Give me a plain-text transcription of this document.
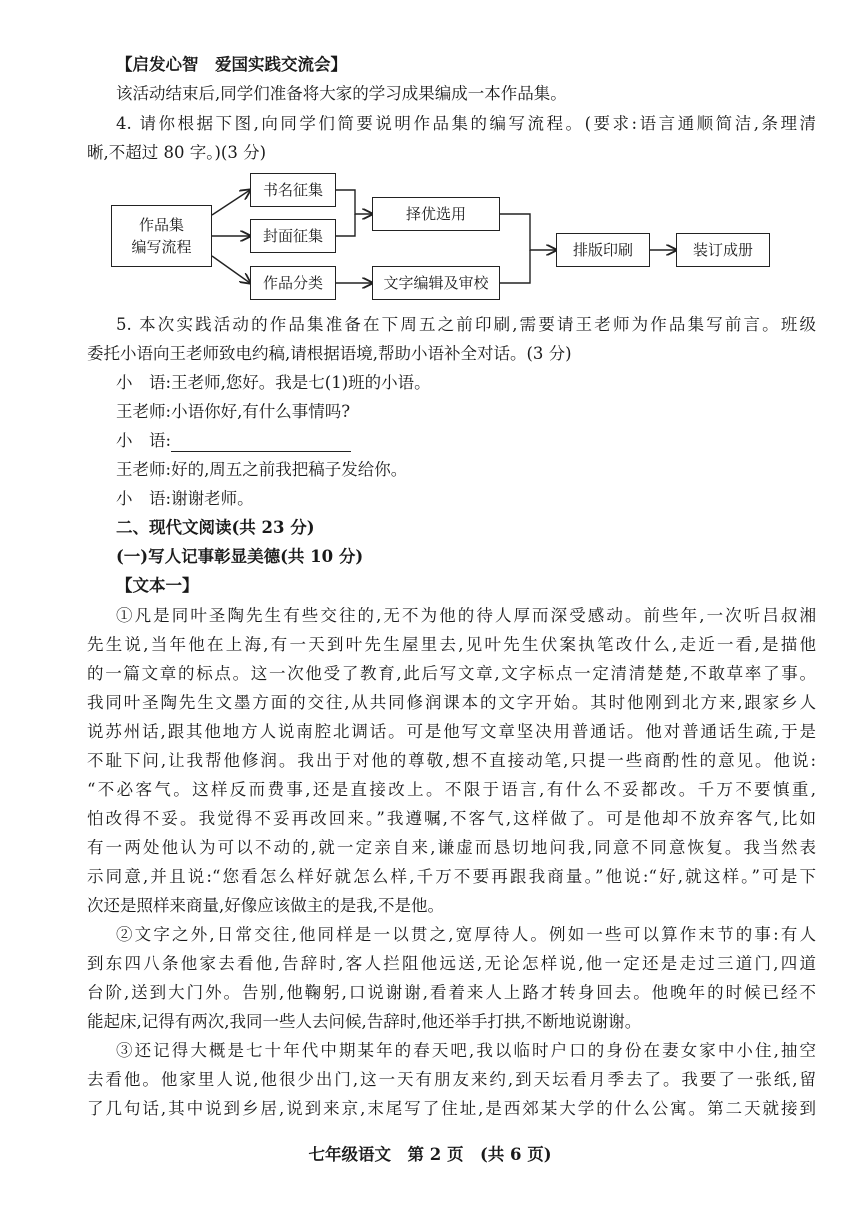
【启发心智　爱国实践交流会】
该活动结束后,同学们准备将大家的学习成果编成一本作品集。
4. 请你根据下图,向同学们简要说明作品集的编写流程。(要求:语言通顺简洁,条理清
晰,不超过 80 字。)(3 分)
作品集
编写流程
书名征集
封面征集
作品分类
择优选用
文字编辑及审校
排版印刷	装订成册
5. 本次实践活动的作品集准备在下周五之前印刷,需要请王老师为作品集写前言。班级
委托小语向王老师致电约稿,请根据语境,帮助小语补全对话。(3 分)
小　语:王老师,您好。我是七(1)班的小语。
王老师:小语你好,有什么事情吗?
小　语:
王老师:好的,周五之前我把稿子发给你。
小　语:谢谢老师。
二、现代文阅读(共 23 分)
(一)写人记事彰显美德(共 10 分)
【文本一】
①凡是同叶圣陶先生有些交往的,无不为他的待人厚而深受感动。前些年,一次听吕叔湘
先生说,当年他在上海,有一天到叶先生屋里去,见叶先生伏案执笔改什么,走近一看,是描他
的一篇文章的标点。这一次他受了教育,此后写文章,文字标点一定清清楚楚,不敢草率了事。
我同叶圣陶先生文墨方面的交往,从共同修润课本的文字开始。其时他刚到北方来,跟家乡人
说苏州话,跟其他地方人说南腔北调话。可是他写文章坚决用普通话。他对普通话生疏,于是
不耻下问,让我帮他修润。我出于对他的尊敬,想不直接动笔,只提一些商酌性的意见。他说:
“不必客气。这样反而费事,还是直接改上。不限于语言,有什么不妥都改。千万不要慎重,
怕改得不妥。我觉得不妥再改回来。”我遵嘱,不客气,这样做了。可是他却不放弃客气,比如
有一两处他认为可以不动的,就一定亲自来,谦虚而恳切地问我,同意不同意恢复。我当然表
示同意,并且说:“您看怎么样好就怎么样,千万不要再跟我商量。”他说:“好,就这样。”可是下
次还是照样来商量,好像应该做主的是我,不是他。
②文字之外,日常交往,他同样是一以贯之,宽厚待人。例如一些可以算作末节的事:有人
到东四八条他家去看他,告辞时,客人拦阻他远送,无论怎样说,他一定还是走过三道门,四道
台阶,送到大门外。告别,他鞠躬,口说谢谢,看着来人上路才转身回去。他晚年的时候已经不
能起床,记得有两次,我同一些人去问候,告辞时,他还举手打拱,不断地说谢谢。
③还记得大概是七十年代中期某年的春天吧,我以临时户口的身份在妻女家中小住,抽空
去看他。他家里人说,他很少出门,这一天有朋友来约,到天坛看月季去了。我要了一张纸,留
了几句话,其中说到乡居,说到来京,末尾写了住址,是西郊某大学的什么公寓。第二天就接到
七年级语文　第 2 页　(共 6 页)
